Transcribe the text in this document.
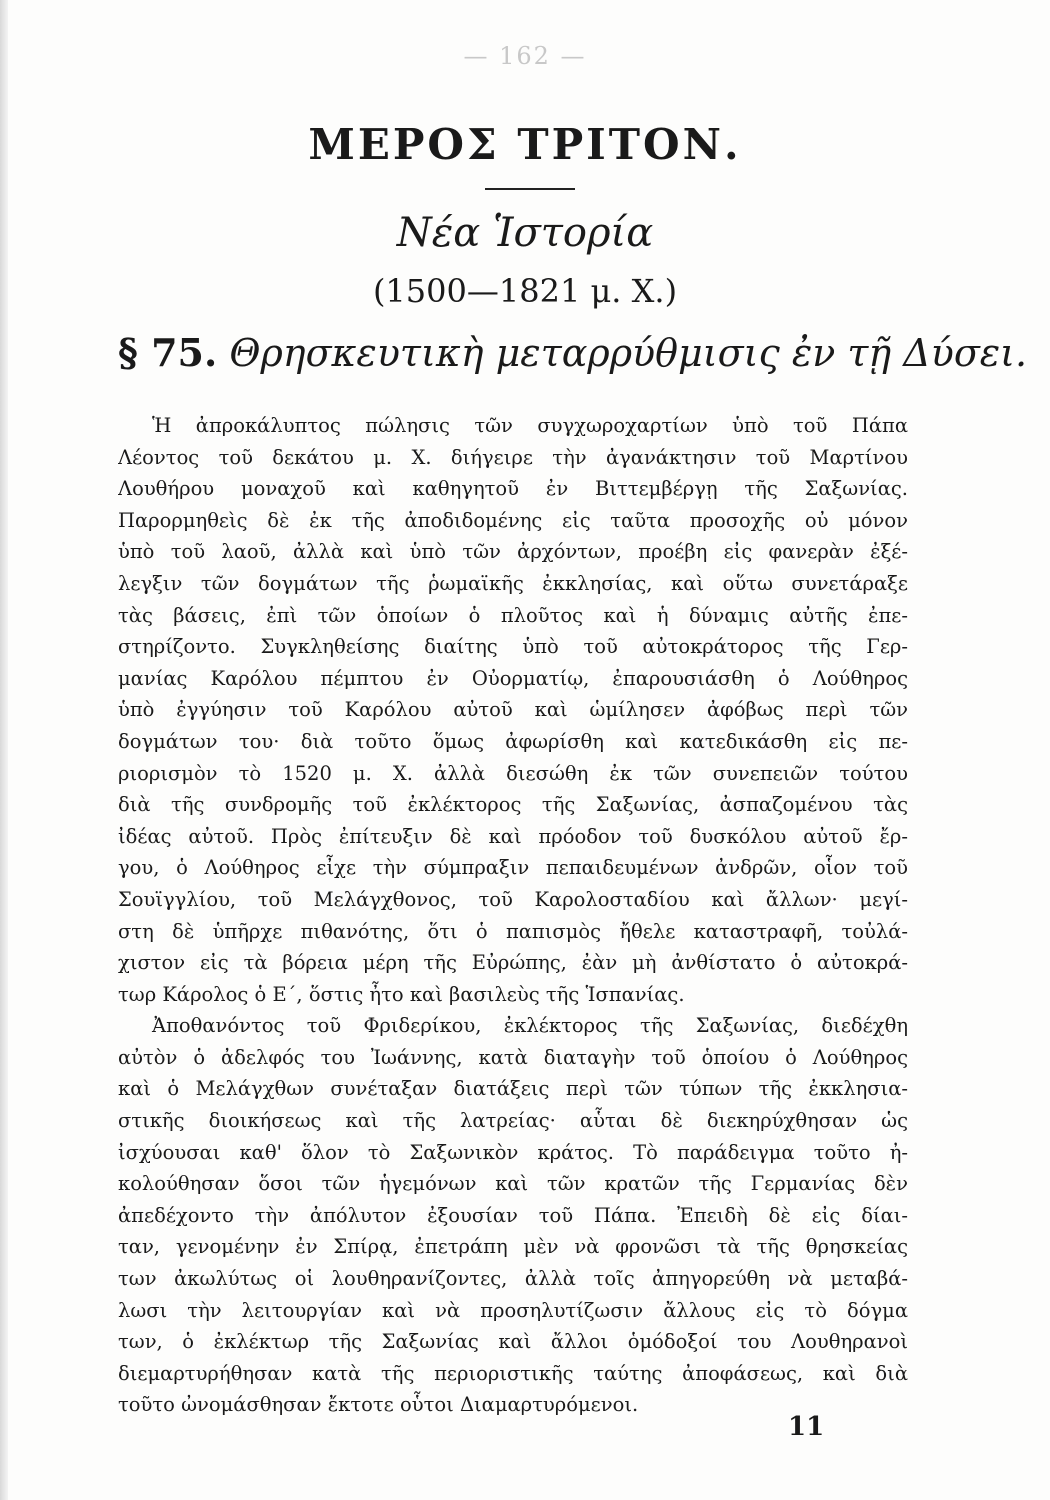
— 162 —
ΜΕΡΟΣ ΤΡΙΤΟΝ.
Νέα Ἱστορία
(1500—1821 μ. Χ.)
§ 75. Θρησκευτικὴ μεταρρύθμισις ἐν τῇ Δύσει.
Ἡ ἀπροκάλυπτος πώλησις τῶν συγχωροχαρτίων ὑπὸ τοῦ Πάπα
Λέοντος τοῦ δεκάτου μ. Χ. διήγειρε τὴν ἀγανάκτησιν τοῦ Μαρτίνου
Λουθήρου μοναχοῦ καὶ καθηγητοῦ ἐν Βιττεμβέργῃ τῆς Σαξωνίας.
Παρορμηθεὶς δὲ ἐκ τῆς ἀποδιδομένης εἰς ταῦτα προσοχῆς οὐ μόνον
ὑπὸ τοῦ λαοῦ, ἀλλὰ καὶ ὑπὸ τῶν ἀρχόντων, προέβη εἰς φανερὰν ἐξέ-
λεγξιν τῶν δογμάτων τῆς ῥωμαϊκῆς ἐκκλησίας, καὶ οὕτω συνετάραξε
τὰς βάσεις, ἐπὶ τῶν ὁποίων ὁ πλοῦτος καὶ ἡ δύναμις αὐτῆς ἐπε-
στηρίζοντο. Συγκληθείσης διαίτης ὑπὸ τοῦ αὐτοκράτορος τῆς Γερ-
μανίας Καρόλου πέμπτου ἐν Οὐορματίῳ, ἐπαρουσιάσθη ὁ Λούθηρος
ὑπὸ ἐγγύησιν τοῦ Καρόλου αὐτοῦ καὶ ὡμίλησεν ἀφόβως περὶ τῶν
δογμάτων του· διὰ τοῦτο ὅμως ἀφωρίσθη καὶ κατεδικάσθη εἰς πε-
ριορισμὸν τὸ 1520 μ. Χ. ἀλλὰ διεσώθη ἐκ τῶν συνεπειῶν τούτου
διὰ τῆς συνδρομῆς τοῦ ἐκλέκτορος τῆς Σαξωνίας, ἀσπαζομένου τὰς
ἰδέας αὐτοῦ. Πρὸς ἐπίτευξιν δὲ καὶ πρόοδον τοῦ δυσκόλου αὐτοῦ ἔρ-
γου, ὁ Λούθηρος εἶχε τὴν σύμπραξιν πεπαιδευμένων ἀνδρῶν, οἷον τοῦ
Σουϊγγλίου, τοῦ Μελάγχθονος, τοῦ Καρολοσταδίου καὶ ἄλλων· μεγί-
στη δὲ ὑπῆρχε πιθανότης, ὅτι ὁ παπισμὸς ἤθελε καταστραφῆ, τοὐλά-
χιστον εἰς τὰ βόρεια μέρη τῆς Εὐρώπης, ἐὰν μὴ ἀνθίστατο ὁ αὐτοκρά-
τωρ Κάρολος ὁ Ε΄, ὅστις ἦτο καὶ βασιλεὺς τῆς Ἱσπανίας.
Ἀποθανόντος τοῦ Φριδερίκου, ἐκλέκτορος τῆς Σαξωνίας, διεδέχθη
αὐτὸν ὁ ἀδελφός του Ἰωάννης, κατὰ διαταγὴν τοῦ ὁποίου ὁ Λούθηρος
καὶ ὁ Μελάγχθων συνέταξαν διατάξεις περὶ τῶν τύπων τῆς ἐκκλησια-
στικῆς διοικήσεως καὶ τῆς λατρείας· αὗται δὲ διεκηρύχθησαν ὡς
ἰσχύουσαι καθ' ὅλον τὸ Σαξωνικὸν κράτος. Τὸ παράδειγμα τοῦτο ἠ-
κολούθησαν ὅσοι τῶν ἡγεμόνων καὶ τῶν κρατῶν τῆς Γερμανίας δὲν
ἀπεδέχοντο τὴν ἀπόλυτον ἐξουσίαν τοῦ Πάπα. Ἐπειδὴ δὲ εἰς δίαι-
ταν, γενομένην ἐν Σπίρᾳ, ἐπετράπη μὲν νὰ φρονῶσι τὰ τῆς θρησκείας
των ἀκωλύτως οἱ λουθηρανίζοντες, ἀλλὰ τοῖς ἀπηγορεύθη νὰ μεταβά-
λωσι τὴν λειτουργίαν καὶ νὰ προσηλυτίζωσιν ἄλλους εἰς τὸ δόγμα
των, ὁ ἐκλέκτωρ τῆς Σαξωνίας καὶ ἄλλοι ὁμόδοξοί του Λουθηρανοὶ
διεμαρτυρήθησαν κατὰ τῆς περιοριστικῆς ταύτης ἀποφάσεως, καὶ διὰ
τοῦτο ὠνομάσθησαν ἔκτοτε οὗτοι Διαμαρτυρόμενοι.
11
